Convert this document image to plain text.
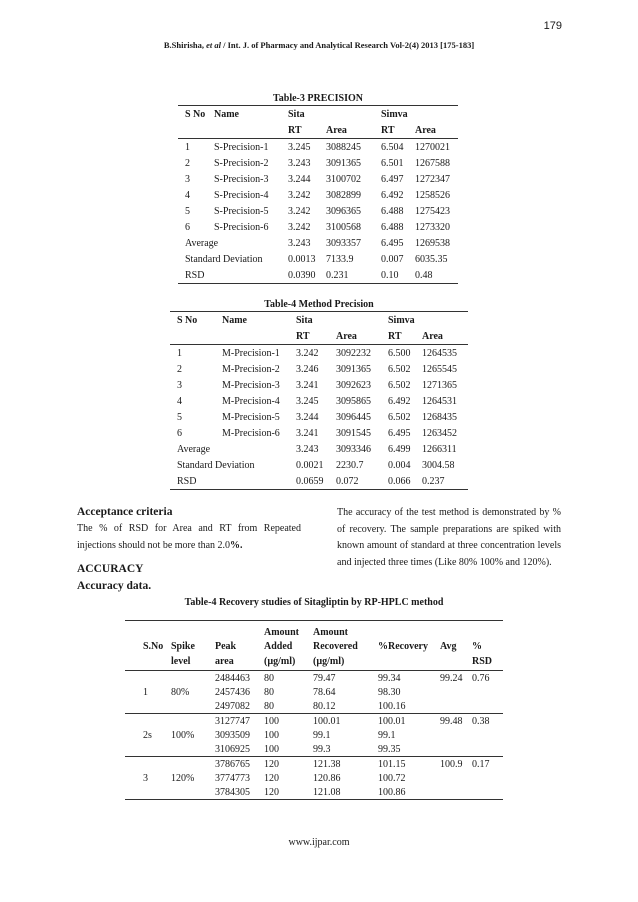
179
B.Shirisha, et al / Int. J. of Pharmacy and Analytical Research Vol-2(4) 2013 [175-183]
Table-3 PRECISION
S No	Name	Sita		Simva	
		RT	Area	RT	Area
1	S-Precision-1	3.245	3088245	6.504	1270021
2	S-Precision-2	3.243	3091365	6.501	1267588
3	S-Precision-3	3.244	3100702	6.497	1272347
4	S-Precision-4	3.242	3082899	6.492	1258526
5	S-Precision-5	3.242	3096365	6.488	1275423
6	S-Precision-6	3.242	3100568	6.488	1273320
Average		3.243	3093357	6.495	1269538
Standard Deviation		0.0013	7133.9	0.007	6035.35
RSD		0.0390	0.231	0.10	0.48
Table-4 Method Precision
S No	Name	Sita		Simva	
		RT	Area	RT	Area
1	M-Precision-1	3.242	3092232	6.500	1264535
2	M-Precision-2	3.246	3091365	6.502	1265545
3	M-Precision-3	3.241	3092623	6.502	1271365
4	M-Precision-4	3.245	3095865	6.492	1264531
5	M-Precision-5	3.244	3096445	6.502	1268435
6	M-Precision-6	3.241	3091545	6.495	1263452
Average		3.243	3093346	6.499	1266311
Standard Deviation		0.0021	2230.7	0.004	3004.58
RSD		0.0659	0.072	0.066	0.237
Acceptance criteria
The % of RSD for Area and RT from Repeated injections should not be more than 2.0%.
The accuracy of the test method is demonstrated by % of recovery. The sample preparations are spiked with known amount of standard at three concentration levels and injected three times (Like 80% 100% and 120%).
ACCURACY
Accuracy data.
Table-4 Recovery studies of Sitagliptin by RP-HPLC method
			Amount	Amount			
S.No	Spike	Peak	Added	Recovered	%Recovery	Avg	%
	level	area	(µg/ml)	(µg/ml)			RSD
1	80%	2484463	80	79.47	99.34	99.24	0.76
		2457436	80	78.64	98.30		
		2497082	80	80.12	100.16		
2s	100%	3127747	100	100.01	100.01	99.48	0.38
		3093509	100	99.1	99.1		
		3106925	100	99.3	99.35		
3	120%	3786765	120	121.38	101.15	100.9	0.17
		3774773	120	120.86	100.72		
		3784305	120	121.08	100.86		
www.ijpar.com
